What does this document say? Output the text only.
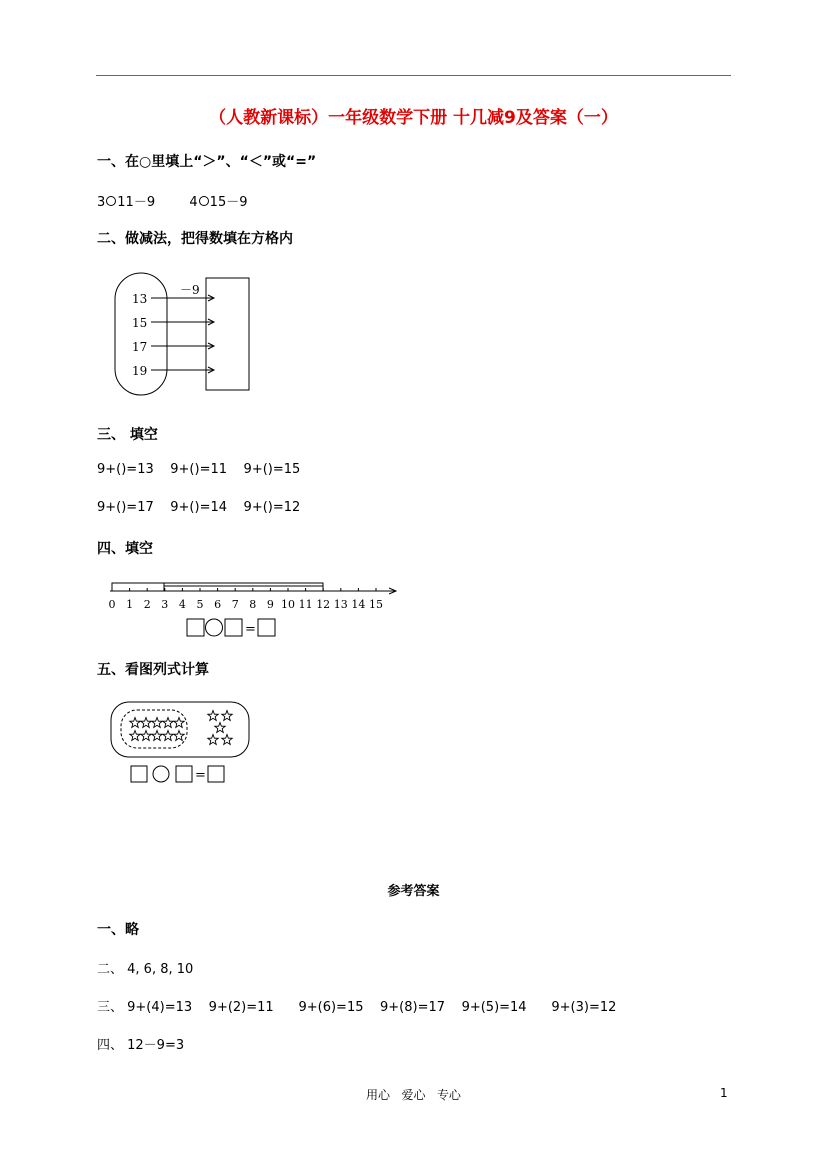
（人教新课标）一年级数学下册 十几减9及答案（一）
一、在○里填上“＞”、“＜”或“=”
3 11－9	4 15－9
二、做减法，把得数填在方格内
－9
13
15
17
19
三、 填空
9+()=13    9+()=11    9+()=15
9+()=17    9+()=14    9+()=12
四、填空
0 1 2 3 4 5 6 7 8 9 10 11 12 13 14 15
=
五、看图列式计算
=
参考答案
一、略
二、 4, 6, 8, 10
三、 9+(4)=13    9+(2)=11      9+(6)=15    9+(8)=17    9+(5)=14      9+(3)=12
四、 12－9=3
用心   爱心   专心	1
